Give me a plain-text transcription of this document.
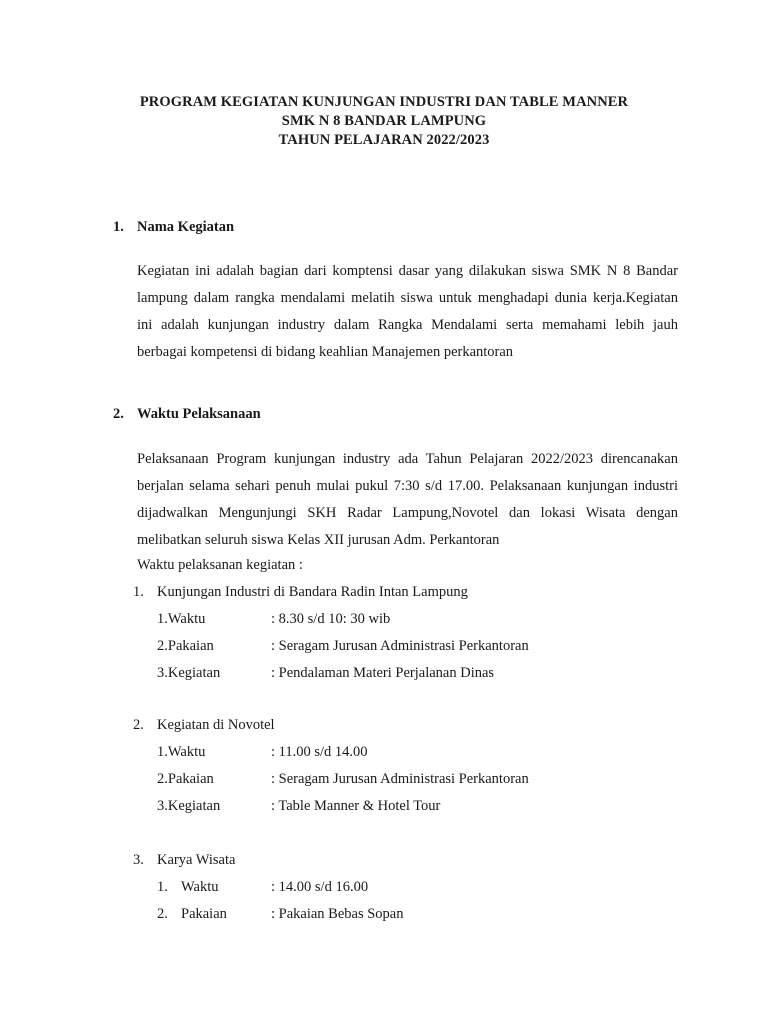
PROGRAM KEGIATAN KUNJUNGAN INDUSTRI DAN TABLE MANNER
SMK N 8 BANDAR LAMPUNG
TAHUN PELAJARAN 2022/2023
1. Nama Kegiatan
Kegiatan ini adalah bagian dari komptensi dasar yang dilakukan siswa SMK N 8 Bandar
lampung dalam rangka mendalami melatih siswa untuk menghadapi dunia kerja.Kegiatan
ini adalah kunjungan industry dalam Rangka Mendalami serta memahami lebih jauh
berbagai kompetensi di bidang keahlian Manajemen perkantoran
2. Waktu Pelaksanaan
Pelaksanaan Program kunjungan industry ada Tahun Pelajaran 2022/2023 direncanakan
berjalan selama sehari penuh mulai pukul 7:30 s/d 17.00. Pelaksanaan kunjungan industri
dijadwalkan Mengunjungi SKH Radar Lampung,Novotel dan lokasi Wisata dengan
melibatkan seluruh siswa Kelas XII jurusan Adm. Perkantoran
Waktu pelaksanan kegiatan :
1. Kunjungan Industri di Bandara Radin Intan Lampung
1.Waktu	: 8.30 s/d 10: 30 wib
2.Pakaian	: Seragam Jurusan Administrasi Perkantoran
3.Kegiatan	: Pendalaman Materi Perjalanan Dinas
2. Kegiatan di Novotel
1.Waktu	: 11.00 s/d 14.00
2.Pakaian	: Seragam Jurusan Administrasi Perkantoran
3.Kegiatan	: Table Manner & Hotel Tour
3. Karya Wisata
1. Waktu	: 14.00 s/d 16.00
2. Pakaian	: Pakaian Bebas Sopan
